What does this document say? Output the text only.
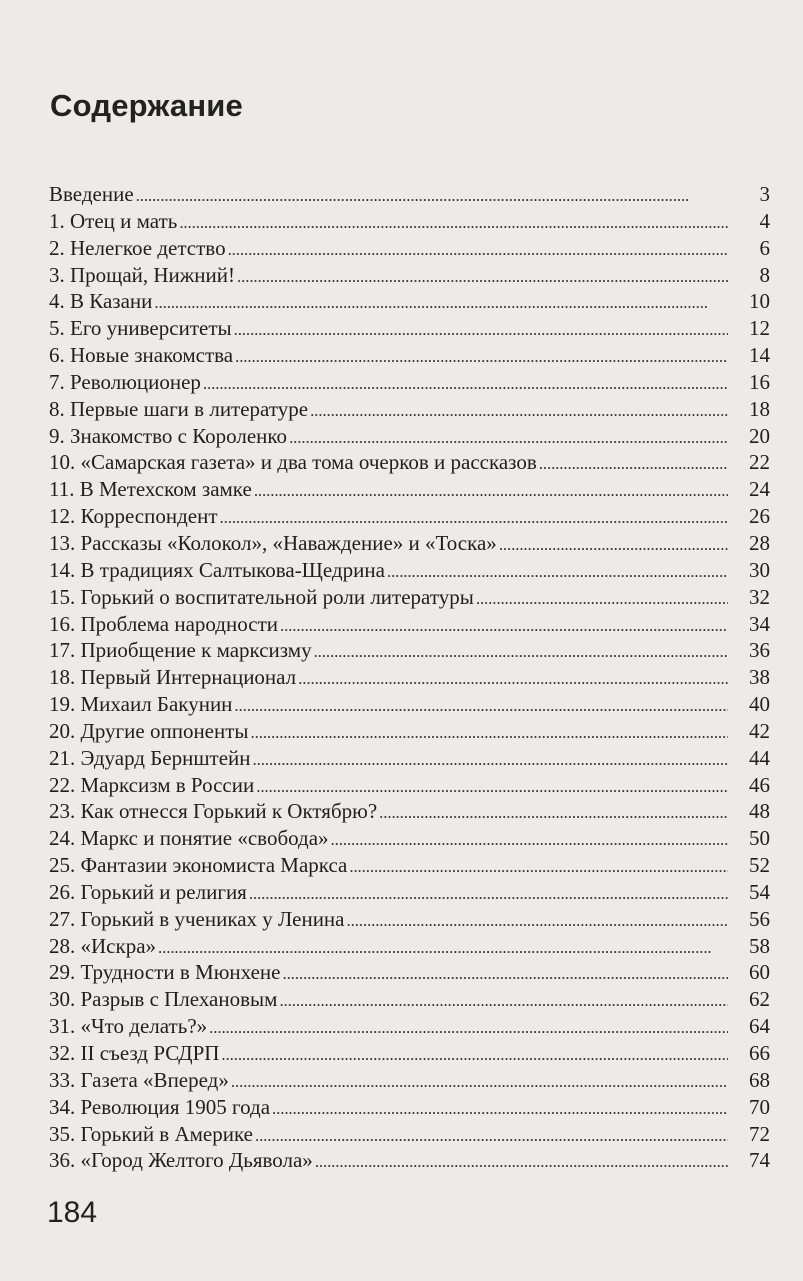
Содержание
Введение . . .	3
1. Отец и мать . . .	4
2. Нелегкое детство . . .	6
3. Прощай, Нижний! . . .	8
4. В Казани . . .	10
5. Его университеты . . .	12
6. Новые знакомства . . .	14
7. Революционер . . .	16
8. Первые шаги в литературе . . .	18
9. Знакомство с Короленко . . .	20
10. «Самарская газета» и два тома очерков и рассказов . . .	22
11. В Метехском замке . . .	24
12. Корреспондент . . .	26
13. Рассказы «Колокол», «Наваждение» и «Тоска» . . .	28
14. В традициях Салтыкова-Щедрина . . .	30
15. Горький о воспитательной роли литературы . . .	32
16. Проблема народности . . .	34
17. Приобщение к марксизму . . .	36
18. Первый Интернационал . . .	38
19. Михаил Бакунин . . .	40
20. Другие оппоненты . . .	42
21. Эдуард Бернштейн . . .	44
22. Марксизм в России . . .	46
23. Как отнесся Горький к Октябрю? . . .	48
24. Маркс и понятие «свобода» . . .	50
25. Фантазии экономиста Маркса . . .	52
26. Горький и религия . . .	54
27. Горький в учениках у Ленина . . .	56
28. «Искра» . . .	58
29. Трудности в Мюнхене . . .	60
30. Разрыв с Плехановым . . .	62
31. «Что делать?» . . .	64
32. II съезд РСДРП . . .	66
33. Газета «Вперед» . . .	68
34. Революция 1905 года . . .	70
35. Горький в Америке . . .	72
36. «Город Желтого Дьявола» . . .	74
184
